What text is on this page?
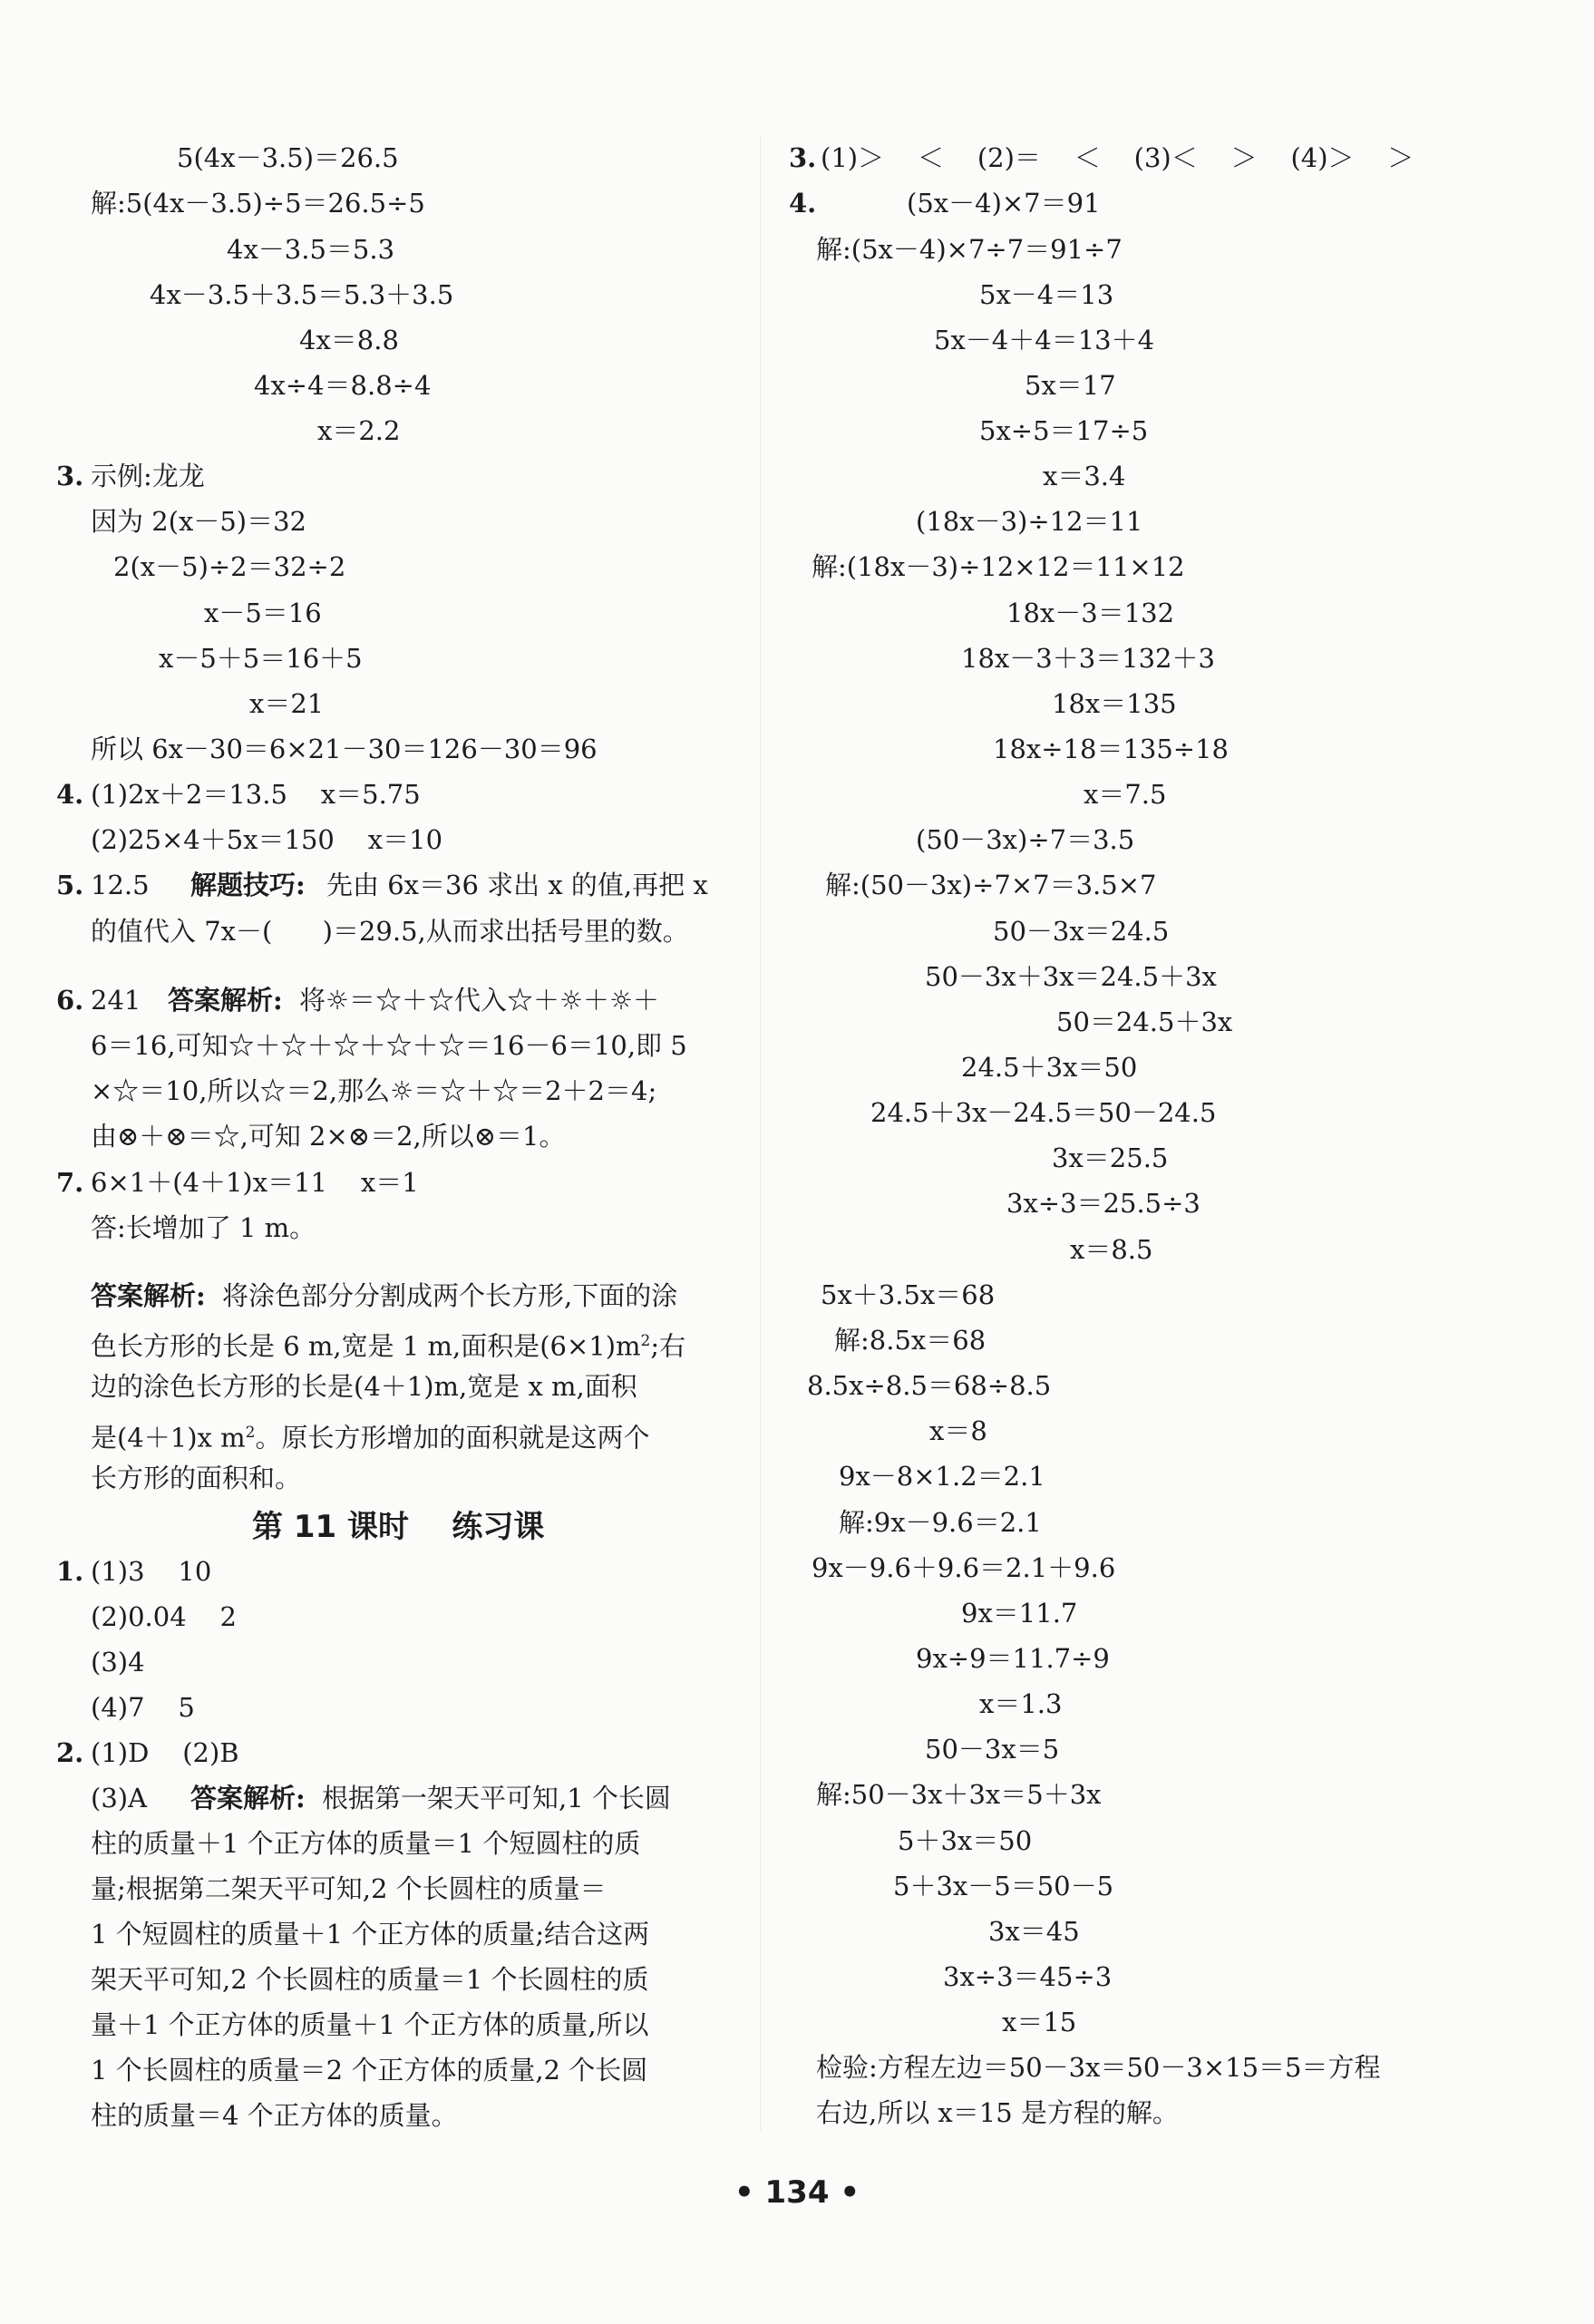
5(4x－3.5)＝26.5
解:5(4x－3.5)÷5＝26.5÷5
4x－3.5＝5.3
4x－3.5＋3.5＝5.3＋3.5
4x＝8.8
4x÷4＝8.8÷4
x＝2.2
3. 示例:龙龙
因为 2(x－5)＝32
2(x－5)÷2＝32÷2
x－5＝16
x－5＋5＝16＋5
x＝21
所以 6x－30＝6×21－30＝126－30＝96
4. (1)2x＋2＝13.5    x＝5.75
(2)25×4＋5x＝150    x＝10
5. 12.5 解题技巧: 先由 6x＝36 求出 x 的值,再把 x
的值代入 7x－(      )＝29.5,从而求出括号里的数。
6. 241 答案解析: 将☼＝☆＋☆代入☆＋☼＋☼＋
6＝16,可知☆＋☆＋☆＋☆＋☆＝16－6＝10,即 5
×☆＝10,所以☆＝2,那么☼＝☆＋☆＝2＋2＝4;
由⊗＋⊗＝☆,可知 2×⊗＝2,所以⊗＝1。
7. 6×1＋(4＋1)x＝11    x＝1
答:长增加了 1 m。
答案解析: 将涂色部分分割成两个长方形,下面的涂
色长方形的长是 6 m,宽是 1 m,面积是$(6\times 1)m^2$;右
边的涂色长方形的长是(4＋1)m,宽是 x m,面积
是(4＋1)x $m^2$。原长方形增加的面积就是这两个
长方形的面积和。
第 11 课时    练习课
1. (1)3    10
(2)0.04    2
(3)4
(4)7    5
2. (1)D    (2)B
(3)A 答案解析: 根据第一架天平可知,1 个长圆
柱的质量＋1 个正方体的质量＝1 个短圆柱的质
量;根据第二架天平可知,2 个长圆柱的质量＝
1 个短圆柱的质量＋1 个正方体的质量;结合这两
架天平可知,2 个长圆柱的质量＝1 个长圆柱的质
量＋1 个正方体的质量＋1 个正方体的质量,所以
1 个长圆柱的质量＝2 个正方体的质量,2 个长圆
柱的质量＝4 个正方体的质量。
3. (1)＞    ＜    (2)＝    ＜    (3)＜    ＞    (4)＞    ＞
4.	(5x－4)×7＝91
解:(5x－4)×7÷7＝91÷7
5x－4＝13
5x－4＋4＝13＋4
5x＝17
5x÷5＝17÷5
x＝3.4
(18x－3)÷12＝11
解:(18x－3)÷12×12＝11×12
18x－3＝132
18x－3＋3＝132＋3
18x＝135
18x÷18＝135÷18
x＝7.5
(50－3x)÷7＝3.5
解:(50－3x)÷7×7＝3.5×7
50－3x＝24.5
50－3x＋3x＝24.5＋3x
50＝24.5＋3x
24.5＋3x＝50
24.5＋3x－24.5＝50－24.5
3x＝25.5
3x÷3＝25.5÷3
x＝8.5
5x＋3.5x＝68
解:8.5x＝68
8.5x÷8.5＝68÷8.5
x＝8
9x－8×1.2＝2.1
解:9x－9.6＝2.1
9x－9.6＋9.6＝2.1＋9.6
9x＝11.7
9x÷9＝11.7÷9
x＝1.3
50－3x＝5
解:50－3x＋3x＝5＋3x
5＋3x＝50
5＋3x－5＝50－5
3x＝45
3x÷3＝45÷3
x＝15
检验:方程左边＝50－3x＝50－3×15＝5＝方程
右边,所以 x＝15 是方程的解。
• 134 •
